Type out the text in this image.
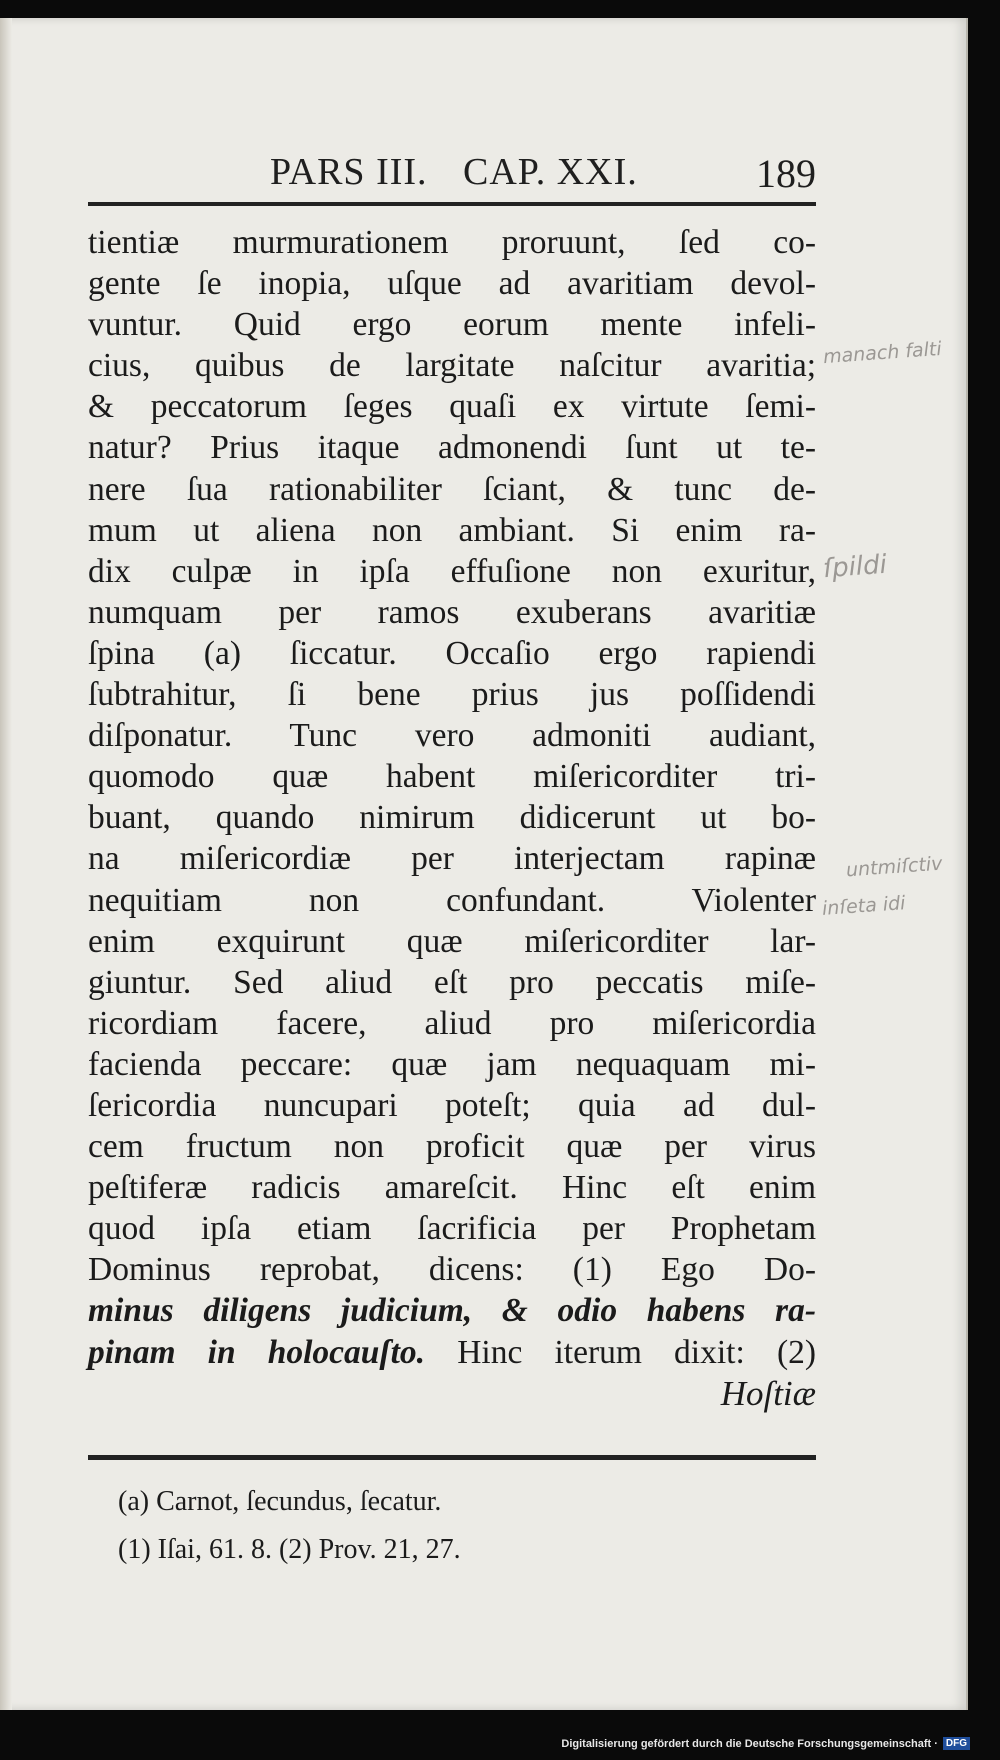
PARS III. CAP. XXI.	189
tientiæ murmurationem proruunt, ſed co-
gente ſe inopia, uſque ad avaritiam devol-
vuntur. Quid ergo eorum mente infeli-
cius, quibus de largitate naſcitur avaritia;
& peccatorum ſeges quaſi ex virtute ſemi-
natur? Prius itaque admonendi ſunt ut te-
nere ſua rationabiliter ſciant, & tunc de-
mum ut aliena non ambiant. Si enim ra-
dix culpæ in ipſa effuſione non exuritur,
numquam per ramos exuberans avaritiæ
ſpina (a) ſiccatur. Occaſio ergo rapiendi
ſubtrahitur, ſi bene prius jus poſſidendi
diſponatur. Tunc vero admoniti audiant,
quomodo quæ habent miſericorditer tri-
buant, quando nimirum didicerunt ut bo-
na miſericordiæ per interjectam rapinæ
nequitiam non confundant. Violenter
enim exquirunt quæ miſericorditer lar-
giuntur. Sed aliud eſt pro peccatis miſe-
ricordiam facere, aliud pro miſericordia
facienda peccare: quæ jam nequaquam mi-
ſericordia nuncupari poteſt; quia ad dul-
cem fructum non proficit quæ per virus
peſtiferæ radicis amareſcit. Hinc eſt enim
quod ipſa etiam ſacrificia per Prophetam
Dominus reprobat, dicens: (1) Ego Do-
minus diligens judicium, & odio habens ra-
pinam in holocauſto. Hinc iterum dixit: (2)
Hoſtiæ
(a) Carnot, ſecundus, ſecatur.
(1) Iſai, 61. 8. (2) Prov. 21, 27.
manach falti
ſpildi
untmiſctiv
inſeta idi
Digitalisierung gefördert durch die Deutsche Forschungsgemeinschaft · DFG
